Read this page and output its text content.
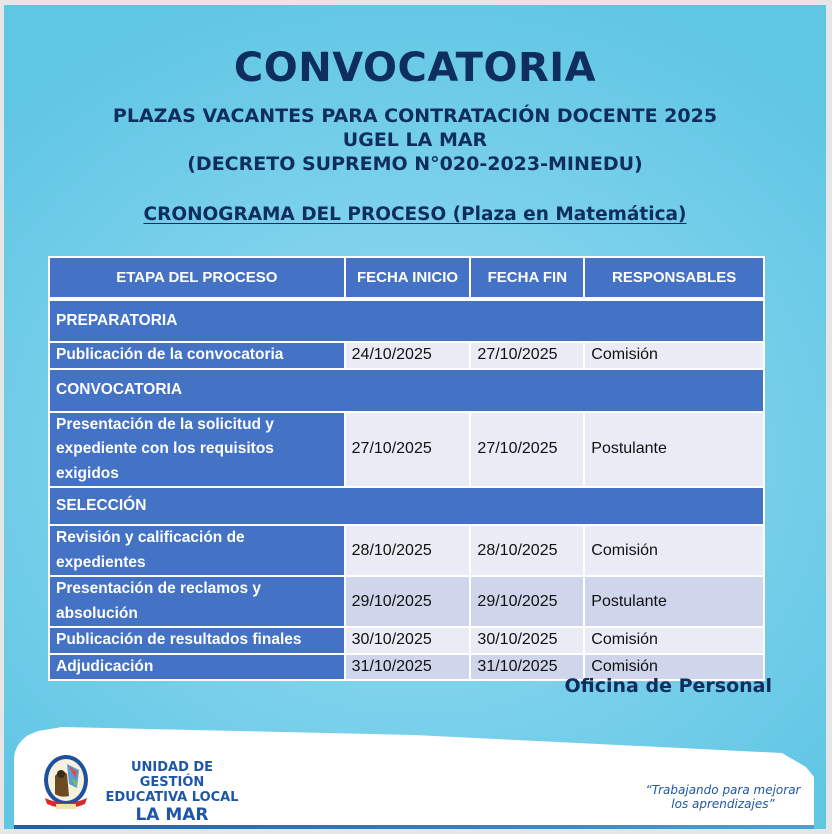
CONVOCATORIA
PLAZAS VACANTES PARA CONTRATACIÓN DOCENTE 2025
UGEL LA MAR
(DECRETO SUPREMO N°020-2023-MINEDU)
CRONOGRAMA DEL PROCESO (Plaza en Matemática)
ETAPA DEL PROCESO	FECHA INICIO	FECHA FIN	RESPONSABLES
PREPARATORIA			
Publicación de la convocatoria	24/10/2025	27/10/2025	Comisión
CONVOCATORIA			
Presentación de la solicitud y expediente con los requisitos exigidos	27/10/2025	27/10/2025	Postulante
SELECCIÓN			
Revisión y calificación de expedientes	28/10/2025	28/10/2025	Comisión
Presentación de reclamos y absolución	29/10/2025	29/10/2025	Postulante
Publicación de resultados finales	30/10/2025	30/10/2025	Comisión
Adjudicación	31/10/2025	31/10/2025	Comisión
Oficina de Personal
UNIDAD DE GESTIÓN
EDUCATIVA LOCAL
LA MAR
“Trabajando para mejorar
los aprendizajes”
